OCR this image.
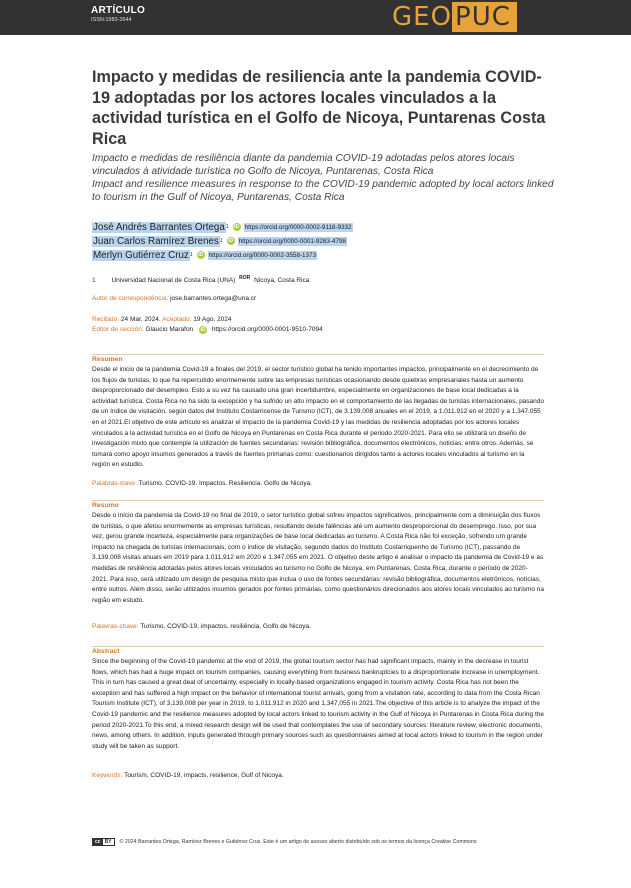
ARTÍCULO
ISSN:1983-3644	GEO PUC
Impacto y medidas de resiliencia ante la pandemia COVID-19 adoptadas por los actores locales vinculados a la actividad turística en el Golfo de Nicoya, Puntarenas Costa Rica
Impacto e medidas de resiliência diante da pandemia COVID-19 adotadas pelos atores locais vinculados à atividade turística no Golfo de Nicoya, Puntarenas, Costa Rica
Impact and resilience measures in response to the COVID-19 pandemic adopted by local actors linked to tourism in the Gulf of Nicoya, Puntarenas, Costa Rica
José Andrés Barrantes Ortega 1	iD https://orcid.org/0000-0002-9116-9332
Juan Carlos Ramírez Brenes 1	iD https://orcid.org/0000-0001-9283-4798
Merlyn Gutiérrez Cruz 1	iD https://orcid.org/0000-0002-3558-1373
1 Universidad Nacional de Costa Rica (UNA) $^{ROR}$ Nicoya, Costa Rica
Autor de correspondência: jose.barrantes.ortega@una.cr
Recibido: 24 Mar. 2024. Aceptado: 19 Ago. 2024
Editor de sección: Glaucio Marafon iD https://orcid.org/0000-0001-9510-7094
Resumen

Desde el inicio de la pandemia Covid-19 a finales del 2019, el sector turístico global ha tenido importantes impactos, principalmente en el decrecimiento de los flujos de turistas, lo que ha repercutido enormemente sobre las empresas turísticas ocasionando desde quiebras empresariales hasta un aumento desproporcionado del desempleo. Esto a su vez ha causado una gran incertidumbre, especialmente en organizaciones de base local dedicadas a la actividad turística. Costa Rica no ha sido la excepción y ha sufrido un alto impacto en el comportamiento de las llegadas de turistas internacionales, pasando de un índice de visitación, según datos del Instituto Costarricense de Turismo (ICT), de 3.139.008 anuales en el 2019, a 1.011.912 en el 2020 y a 1.347.055 en el 2021.El objetivo de este artículo es analizar el impacto de la pandemia Covid-19 y las medidas de resiliencia adoptadas por los actores locales vinculados a la actividad turística en el Golfo de Nicoya en Puntarenas en Costa Rica durante el periodo 2020-2021. Para ello se utilizará un diseño de investigación mixto que contemple la utilización de fuentes secundarias: revisión bibliográfica, documentos electrónicos, noticias, entre otros. Además, se tomará como apoyo insumos generados a través de fuentes primarias como: cuestionarios dirigidos tanto a actores locales vinculados al turismo en la región en estudio.

Palabras-clave: Turismo. COVID-19. Impactos. Resiliencia. Golfo de Nicoya.
Resumo

Desde o início da pandemia da Covid-19 no final de 2019, o setor turístico global sofreu impactos significativos, principalmente com a diminuição dos fluxos de turistas, o que afetou enormemente as empresas turísticas, resultando desde falências até um aumento desproporcional do desemprego. Isso, por sua vez, gerou grande incerteza, especialmente para organizações de base local dedicadas ao turismo. A Costa Rica não foi exceção, sofrendo um grande impacto na chegada de turistas internacionais, com o índice de visitação, segundo dados do Instituto Costarriquenho de Turismo (ICT), passando de 3.139.008 visitas anuais em 2019 para 1.011.912 em 2020 e 1.347.055 em 2021. O objetivo deste artigo é analisar o impacto da pandemia de Covid-19 e as medidas de resiliência adotadas pelos atores locais vinculados ao turismo no Golfo de Nicoya, em Puntarenas, Costa Rica, durante o período de 2020-2021. Para isso, será utilizado um design de pesquisa misto que inclua o uso de fontes secundárias: revisão bibliográfica, documentos eletrônicos, notícias, entre outros. Além disso, serão utilizados insumos gerados por fontes primárias, como questionários direcionados aos atores locais vinculados ao turismo na região em estudo.

Palavras-chave: Turismo, COVID-19, impactos, resiliência, Golfo de Nicoya.
Abstract

Since the beginning of the Covid-19 pandemic at the end of 2019, the global tourism sector has had significant impacts, mainly in the decrease in tourist flows, which has had a huge impact on tourism companies, causing everything from business bankruptcies to a disproportionate increase in unemployment. This in turn has caused a great deal of uncertainty, especially in locally-based organizations engaged in tourism activity. Costa Rica has not been the exception and has suffered a high impact on the behavior of international tourist arrivals, going from a visitation rate, according to data from the Costa Rican Tourism Institute (ICT), of 3,139,008 per year in 2019, to 1,011,912 in 2020 and 1,347,055 in 2021.The objective of this article is to analyze the impact of the Covid-19 pandemic and the resilience measures adopted by local actors linked to tourism activity in the Gulf of Nicoya in Puntarenas in Costa Rica during the period 2020-2021.To this end, a mixed research design will be used that contemplates the use of secondary sources: literature review, electronic documents, news, among others. In addition, inputs generated through primary sources such as questionnaires aimed at local actors linked to tourism in the region under study will be taken as support.

Keywords: Tourism, COVID-19, impacts, resilience, Gulf of Nicoya.
cc BY	© 2024 Barrantes Ortega, Ramírez Brenes e Gutiérrez Cruz. Este é um artigo de acesso aberto distribuído sob os termos da licença Creative Commons
